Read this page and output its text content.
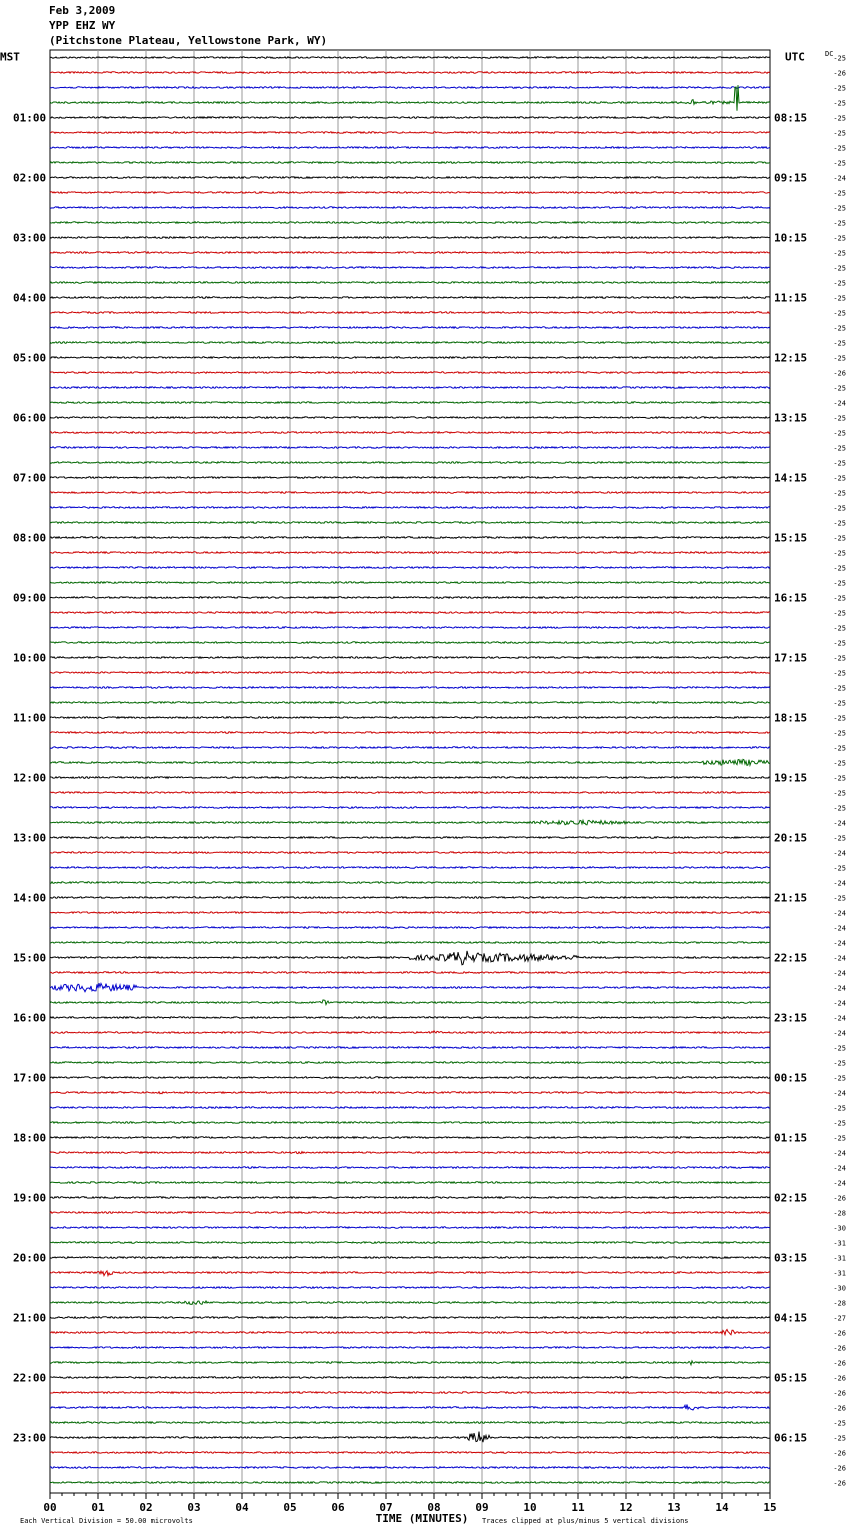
Feb 3,2009
YPP EHZ WY
(Pitchstone Plateau, Yellowstone Park, WY)
-25
-26
-25
-25
-25
-25
-25
-25
-24
-25
-25
-25
-25
-25
-25
-25
-25
-25
-25
-25
-25
-26
-25
-24
-25
-25
-25
-25
-25
-25
-25
-25
-25
-25
-25
-25
-25
-25
-25
-25
-25
-25
-25
-25
-25
-25
-25
-25
-25
-25
-25
-24
-25
-24
-25
-24
-25
-24
-24
-24
-24
-24
-24
-24
-24
-24
-25
-25
-25
-24
-25
-25
-25
-24
-24
-24
-26
-28
-30
-31
-31
-31
-30
-28
-27
-26
-26
-26
-26
-26
-26
-25
-25
-26
-26
-26
MST	UTC	DC
01:00	08:15
02:00	09:15
03:00	10:15
04:00	11:15
05:00	12:15
06:00	13:15
07:00	14:15
08:00	15:15
09:00	16:15
10:00	17:15
11:00	18:15
12:00	19:15
13:00	20:15
14:00	21:15
15:00	22:15
16:00	23:15
17:00	00:15
18:00	01:15
19:00	02:15
20:00	03:15
21:00	04:15
22:00	05:15
23:00	06:15
00	01	02	03	04	05	06	07	08	09	10	11	12	13	14	15
TIME (MINUTES)
Each Vertical Division = 50.00 microvolts	Traces clipped at plus/minus 5 vertical divisions
